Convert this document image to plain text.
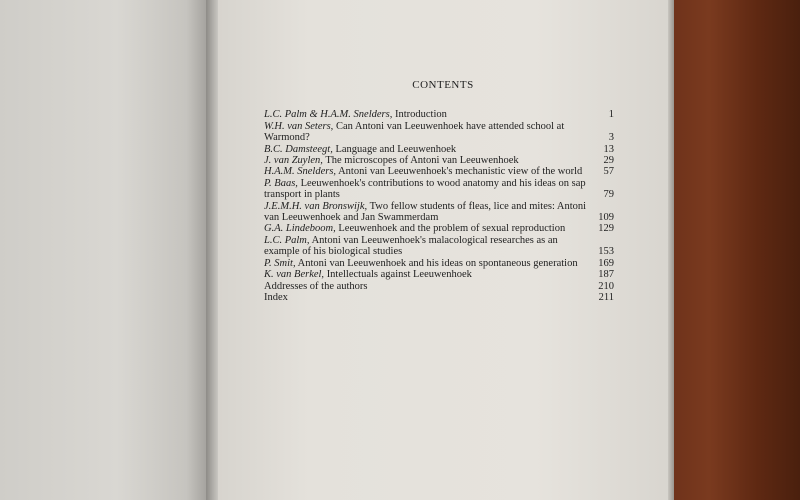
CONTENTS
L.C. Palm & H.A.M. Snelders, Introduction	1
W.H. van Seters, Can Antoni van Leeuwenhoek have attended school at Warmond?	3
B.C. Damsteegt, Language and Leeuwenhoek	13
J. van Zuylen, The microscopes of Antoni van Leeuwenhoek	29
H.A.M. Snelders, Antoni van Leeuwenhoek's mechanistic view of the world 57
P. Baas, Leeuwenhoek's contributions to wood anatomy and his ideas on sap transport in plants	79
J.E.M.H. van Bronswijk, Two fellow students of fleas, lice and mites: Antoni van Leeuwenhoek and Jan Swammerdam	109
G.A. Lindeboom, Leeuwenhoek and the problem of sexual reproduction	129
L.C. Palm, Antoni van Leeuwenhoek's malacological researches as an example of his biological studies	153
P. Smit, Antoni van Leeuwenhoek and his ideas on spontaneous generation 169
K. van Berkel, Intellectuals against Leeuwenhoek	187
Addresses of the authors	210
Index	211
